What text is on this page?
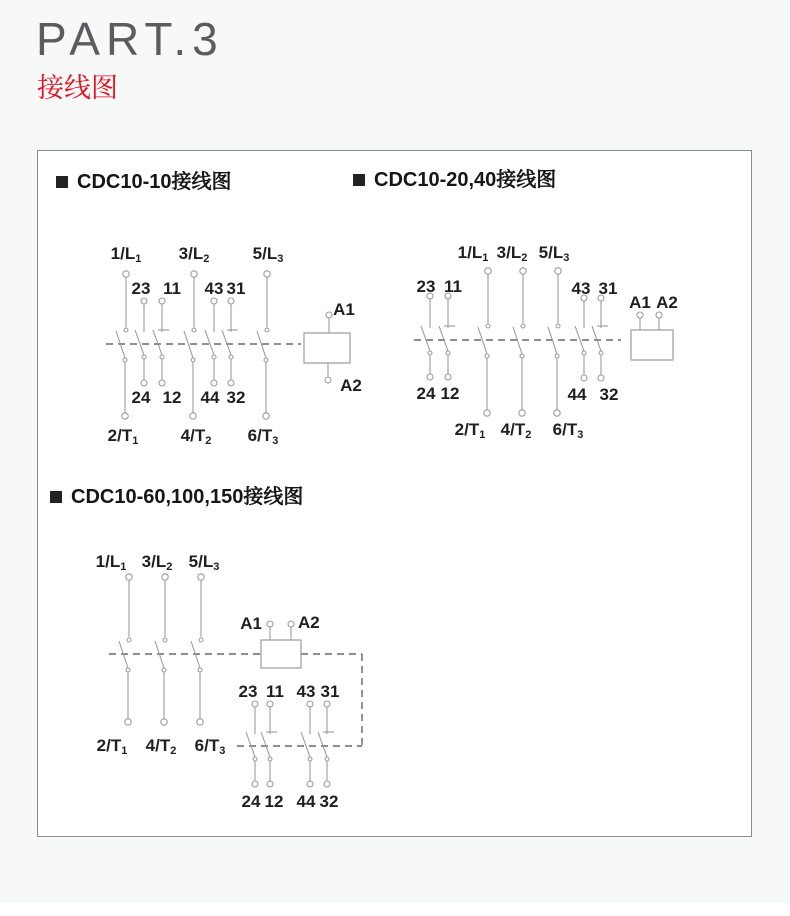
PART.3
接线图
CDC10-10接线图	CDC10-20,40接线图
CDC10-60,100,150接线图
1/L1
2/T1
23
24
11
12
3/L2
4/T2
43
44
31
32
5/L3
6/T3
A1
A2
23
24
11
12
1/L1
2/T1
3/L2
4/T2
5/L3
6/T3
43
44
31
32
A1 A2
1/L1
2/T1
3/L2
4/T2
5/L3
6/T3
23
24
11
12
43
44
31
32
A1 A2
